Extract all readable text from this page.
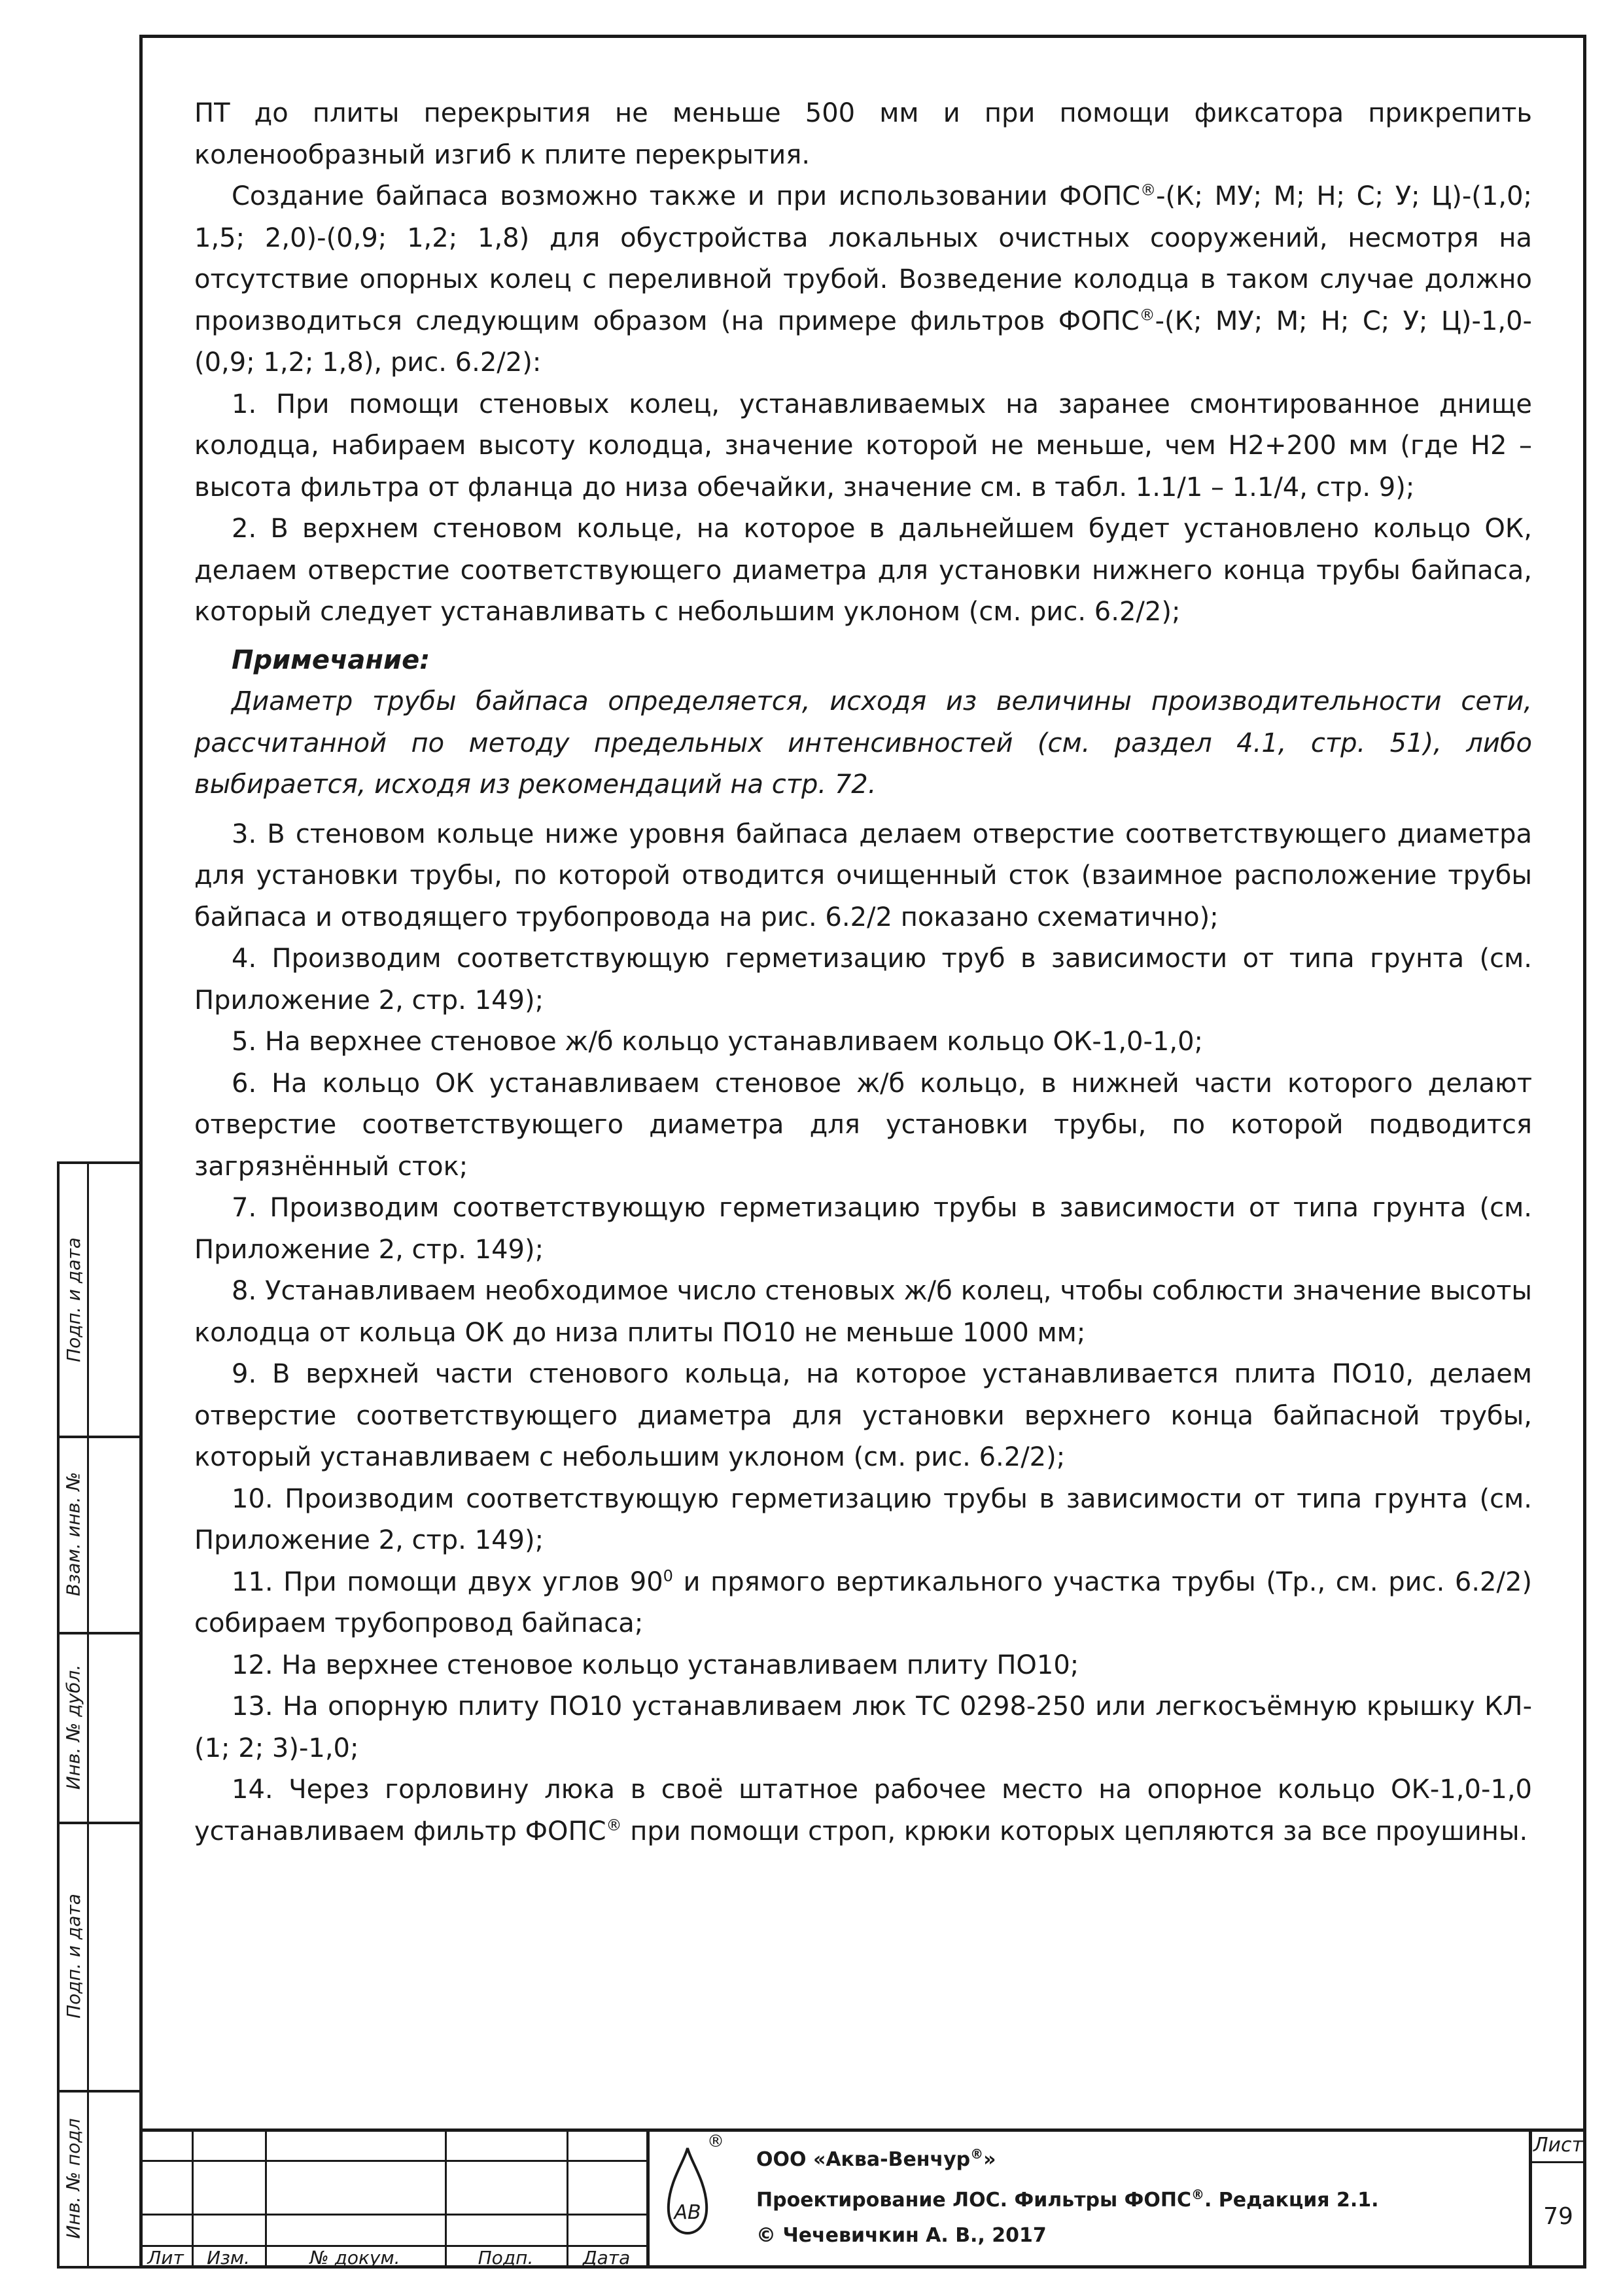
ПТ до плиты перекрытия не меньше 500 мм и при помощи фиксатора прикрепить коленообразный изгиб к плите перекрытия.

Создание байпаса возможно также и при использовании ФОПС®-(К; МУ; М; Н; С; У; Ц)-(1,0; 1,5; 2,0)-(0,9; 1,2; 1,8) для обустройства локальных очистных сооружений, несмотря на отсутствие опорных колец с переливной трубой. Возведение колодца в таком случае должно производиться следующим образом (на примере фильтров ФОПС®-(К; МУ; М; Н; С; У; Ц)-1,0-(0,9; 1,2; 1,8), рис. 6.2/2):

1. При помощи стеновых колец, устанавливаемых на заранее смонтированное днище колодца, набираем высоту колодца, значение которой не меньше, чем Н2+200 мм (где Н2 – высота фильтра от фланца до низа обечайки, значение см. в табл. 1.1/1 – 1.1/4, стр. 9);

2. В верхнем стеновом кольце, на которое в дальнейшем будет установлено кольцо ОК, делаем отверстие соответствующего диаметра для установки нижнего конца трубы байпаса, который следует устанавливать с небольшим уклоном (см. рис. 6.2/2);

Примечание:

Диаметр трубы байпаса определяется, исходя из величины производительности сети, рассчитанной по методу предельных интенсивностей (см. раздел 4.1, стр. 51), либо выбирается, исходя из рекомендаций на стр. 72.

3. В стеновом кольце ниже уровня байпаса делаем отверстие соответствующего диаметра для установки трубы, по которой отводится очищенный сток (взаимное расположение трубы байпаса и отводящего трубопровода на рис. 6.2/2 показано схематично);

4. Производим соответствующую герметизацию труб в зависимости от типа грунта (см. Приложение 2, стр. 149);

5. На верхнее стеновое ж/б кольцо устанавливаем кольцо ОК-1,0-1,0;

6. На кольцо ОК устанавливаем стеновое ж/б кольцо, в нижней части которого делают отверстие соответствующего диаметра для установки трубы, по которой подводится загрязнённый сток;

7. Производим соответствующую герметизацию трубы в зависимости от типа грунта (см. Приложение 2, стр. 149);

8. Устанавливаем необходимое число стеновых ж/б колец, чтобы соблюсти значение высоты колодца от кольца ОК до низа плиты ПО10 не меньше 1000 мм;

9. В верхней части стенового кольца, на которое устанавливается плита ПО10, делаем отверстие соответствующего диаметра для установки верхнего конца байпасной трубы, который устанавливаем с небольшим уклоном (см. рис. 6.2/2);

10. Производим соответствующую герметизацию трубы в зависимости от типа грунта (см. Приложение 2, стр. 149);

11. При помощи двух углов $90^0$ и прямого вертикального участка трубы (Тр., см. рис. 6.2/2) собираем трубопровод байпаса;

12. На верхнее стеновое кольцо устанавливаем плиту ПО10;

13. На опорную плиту ПО10 устанавливаем люк ТС 0298-250 или легкосъёмную крышку КЛ-(1; 2; 3)-1,0;

14. Через горловину люка в своё штатное рабочее место на опорное кольцо ОК-1,0-1,0 устанавливаем фильтр ФОПС® при помощи строп, крюки которых цепляются за все проушины.

Подп. и дата
Взам. инв. №
Инв. № дубл.
Подп. и дата
Инв. № подл
Лит	Изм.	№ докум.	Подп.	Дата
АВ
®
ООО «Аква-Венчур®»
Проектирование ЛОС. Фильтры ФОПС®. Редакция 2.1.
© Чечевичкин А. В., 2017
Лист
79
